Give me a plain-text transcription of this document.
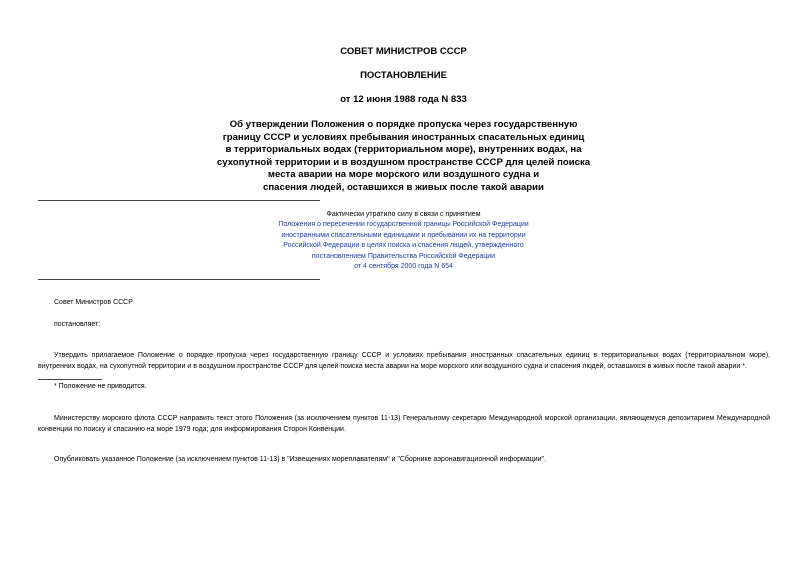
СОВЕТ МИНИСТРОВ СССР
ПОСТАНОВЛЕНИЕ
от 12 июня 1988 года N 833
Об утверждении Положения о порядке пропуска через государственную
границу СССР и условиях пребывания иностранных спасательных единиц
в территориальных водах (территориальном море), внутренних водах, на
сухопутной территории и в воздушном пространстве СССР для целей поиска
места аварии на море морского или воздушного судна и
спасения людей, оставшихся в живых после такой аварии
Фактически утратило силу в связи с принятием
Положения о пересечении государственной границы Российской Федерации
иностранными спасательными единицами и пребывании их на территории
Российской Федерации в целях поиска и спасения людей, утвержденного
постановлением Правительства Российской Федерации
от 4 сентября 2000 года N 654
Совет Министров СССР
постановляет:
Утвердить прилагаемое Положение о порядке пропуска через государственную границу СССР и условиях пребывания иностранных спасательных единиц в территориальных водах (территориальном море), внутренних водах, на сухопутной территории и в воздушном пространстве СССР для целей поиска места аварии на море морского или воздушного судна и спасения людей, оставшихся в живых после такой аварии *.
* Положение не приводится.
Министерству морского флота СССР направить текст этого Положения (за исключением пунктов 11-13) Генеральному секретарю Международной морской организации, являющемуся депозитарием Международной конвенции по поиску и спасанию на море 1979 года; для информирования Сторон Конвенции.
Опубликовать указанное Положение (за исключением пунктов 11-13) в "Извещениях мореплавателям" и "Сборнике аэронавигационной информации".
